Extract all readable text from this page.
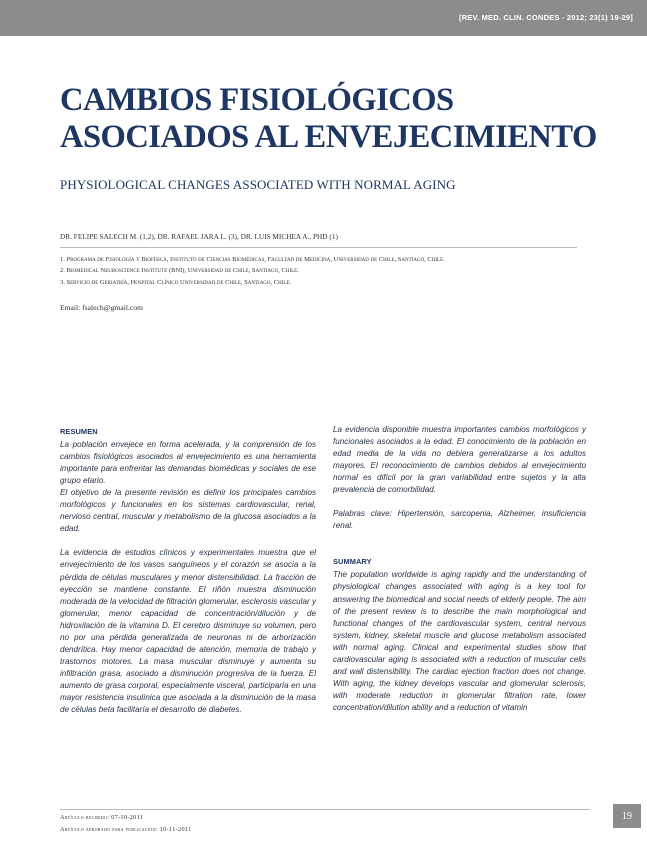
[REV. MED. CLIN. CONDES - 2012; 23(1) 19-29]
CAMBIOS FISIOLÓGICOS
ASOCIADOS AL ENVEJECIMIENTO
PHYSIOLOGICAL CHANGES ASSOCIATED WITH NORMAL AGING
DR. FELIPE SALECH M. (1,2), DR. RAFAEL JARA L. (3), DR. LUIS MICHEA A., PHD (1)
1. Programa de Fisiología y Biofísica, Instituto de Ciencias Biomédicas, Facultad de Medicina, Universidad de Chile, Santiago, Chile.
2. Biomedical Neuroscience Institute (BNI), Universidad de Chile, Santiago, Chile.
3. Servicio de Geriatría, Hospital Clínico Universidad de Chile, Santiago, Chile.
Email: fsalech@gmail.com
RESUMEN

La población envejece en forma acelerada, y la comprensión de los cambios fisiológicos asociados al envejecimiento es una herramienta importante para enfrentar las demandas biomédicas y sociales de ese grupo etario.

El objetivo de la presente revisión es definir los principales cambios morfológicos y funcionales en los sistemas cardiovascular, renal, nervioso central, muscular y metabolismo de la glucosa asociados a la edad.

La evidencia de estudios clínicos y experimentales muestra que el envejecimiento de los vasos sanguíneos y el corazón se asocia a la pérdida de células musculares y menor distensibilidad. La fracción de eyección se mantiene constante. El riñón muestra disminución moderada de la velocidad de filtración glomerular, esclerosis vascular y glomerular, menor capacidad de concentración/dilución y de hidroxilación de la vitamina D. El cerebro disminuye su volumen, pero no por una pérdida generalizada de neuronas ni de arborización dendrítica. Hay menor capacidad de atención, memoria de trabajo y trastornos motores. La masa muscular disminuye y aumenta su infiltración grasa, asociado a disminución progresiva de la fuerza. El aumento de grasa corporal, especialmente visceral, participaría en una mayor resistencia insulínica que asociada a la disminución de la masa de células beta facilitaría el desarrollo de diabetes.

La evidencia disponible muestra importantes cambios morfológicos y funcionales asociados a la edad. El conocimiento de la población en edad media de la vida no debiera generalizarse a los adultos mayores. El reconocimiento de cambios debidos al envejecimiento normal es difícil por la gran variabilidad entre sujetos y la alta prevalencia de comorbilidad.

Palabras clave: Hipertensión, sarcopenia, Alzheimer, insuficiencia renal.

SUMMARY

The population worldwide is aging rapidly and the understanding of physiological changes associated with aging is a key tool for answering the biomedical and social needs of elderly people. The aim of the present review is to describe the main morphological and functional changes of the cardiovascular system, central nervous system, kidney, skeletal muscle and glucose metabolism associated with normal aging. Clinical and experimental studies show that cardiovascular aging is associated with a reduction of muscular cells and wall distensibility. The cardiac ejection fraction does not change. With aging, the kidney develops vascular and glomerular sclerosis, with moderate reduction in glomerular filtration rate, lower concentration/dilution ability and a reduction of vitamin

Artículo recibido: 07-10-2011
Artículo aprobado para publicación: 10-11-2011
19
